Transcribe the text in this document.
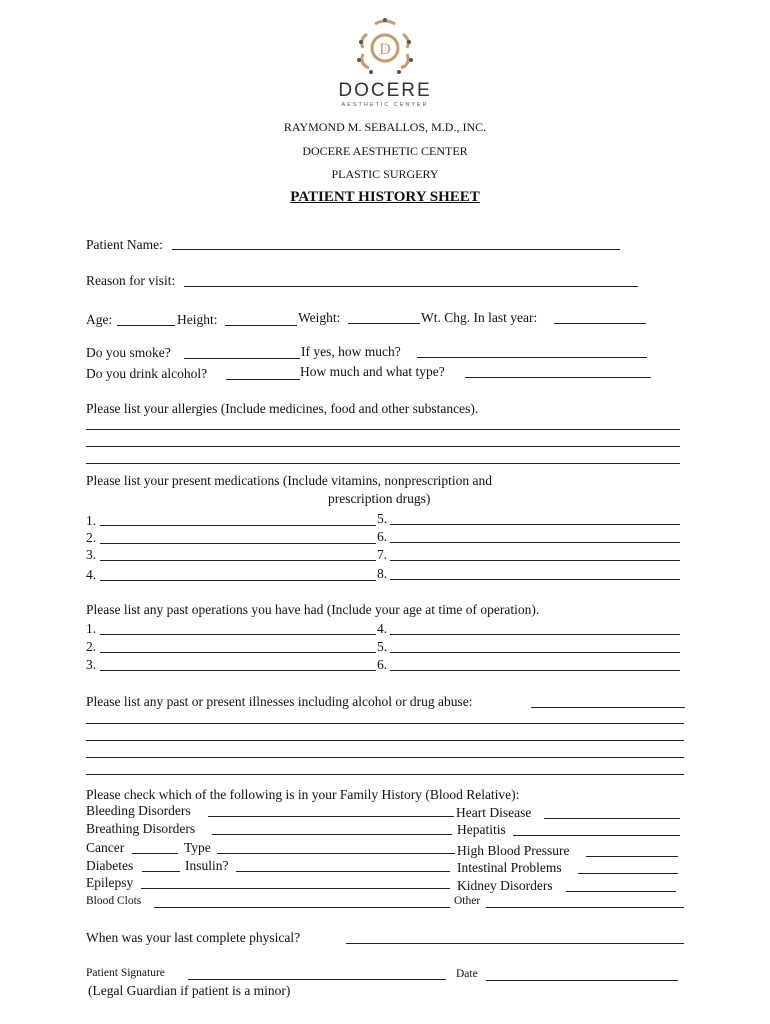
D
DOCERE
AESTHETIC CENTER
RAYMOND M. SEBALLOS, M.D., INC.
DOCERE AESTHETIC CENTER
PLASTIC SURGERY
PATIENT HISTORY SHEET
Patient Name:
Reason for visit:
Age:	Height:	Weight:	Wt. Chg. In last year:
Do you smoke?	If yes, how much?
Do you drink alcohol?	How much and what type?
Please list your allergies (Include medicines, food and other substances).
Please list your present medications (Include vitamins, nonprescription and
prescription drugs)
1.
2.
3.
4.
5.
6.
7.
8.
Please list any past operations you have had (Include your age at time of operation).
1.
2.
3.
4.
5.
6.
Please list any past or present illnesses including alcohol or drug abuse:
Please check which of the following is in your Family History (Blood Relative):
Bleeding Disorders	Heart Disease
Breathing Disorders	Hepatitis
Cancer	Type	High Blood Pressure
Diabetes	Insulin?	Intestinal Problems
Epilepsy	Kidney Disorders
Blood Clots	Other
When was your last complete physical?
Patient Signature	Date
(Legal Guardian if patient is a minor)
